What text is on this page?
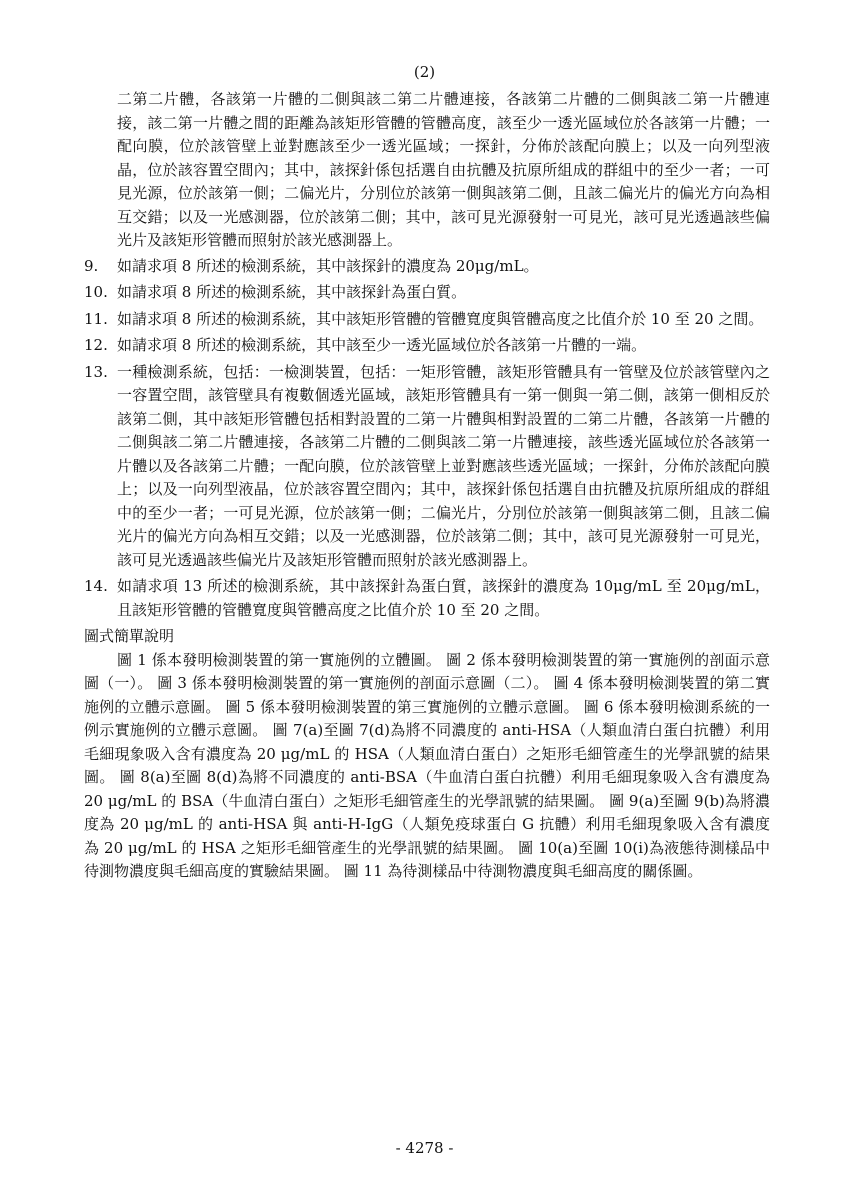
(2)

二第二片體，各該第一片體的二側與該二第二片體連接，各該第二片體的二側與該二第一片體連接，該二第一片體之間的距離為該矩形管體的管體高度，該至少一透光區域位於各該第一片體；一配向膜，位於該管壁上並對應該至少一透光區域；一探針，分佈於該配向膜上；以及一向列型液晶，位於該容置空間內；其中，該探針係包括選自由抗體及抗原所組成的群組中的至少一者；一可見光源，位於該第一側；二偏光片，分別位於該第一側與該第二側，且該二偏光片的偏光方向為相互交錯；以及一光感測器，位於該第二側；其中，該可見光源發射一可見光，該可見光透過該些偏光片及該矩形管體而照射於該光感測器上。

9.	如請求項 8 所述的檢測系統，其中該探針的濃度為 20μg/mL。
10. 如請求項 8 所述的檢測系統，其中該探針為蛋白質。
11. 如請求項 8 所述的檢測系統，其中該矩形管體的管體寬度與管體高度之比值介於 10 至 20 之間。
12. 如請求項 8 所述的檢測系統，其中該至少一透光區域位於各該第一片體的一端。
13. 一種檢測系統，包括：一檢測裝置，包括：一矩形管體，該矩形管體具有一管壁及位於該管壁內之一容置空間，該管壁具有複數個透光區域，該矩形管體具有一第一側與一第二側，該第一側相反於該第二側，其中該矩形管體包括相對設置的二第一片體與相對設置的二第二片體，各該第一片體的二側與該二第二片體連接，各該第二片體的二側與該二第一片體連接，該些透光區域位於各該第一片體以及各該第二片體；一配向膜，位於該管壁上並對應該些透光區域；一探針，分佈於該配向膜上；以及一向列型液晶，位於該容置空間內；其中，該探針係包括選自由抗體及抗原所組成的群組中的至少一者；一可見光源，位於該第一側；二偏光片，分別位於該第一側與該第二側，且該二偏光片的偏光方向為相互交錯；以及一光感測器，位於該第二側；其中，該可見光源發射一可見光，該可見光透過該些偏光片及該矩形管體而照射於該光感測器上。
14. 如請求項 13 所述的檢測系統，其中該探針為蛋白質，該探針的濃度為 10μg/mL 至 20μg/mL，且該矩形管體的管體寬度與管體高度之比值介於 10 至 20 之間。

圖式簡單說明

圖 1 係本發明檢測裝置的第一實施例的立體圖。 圖 2 係本發明檢測裝置的第一實施例的剖面示意圖（一）。 圖 3 係本發明檢測裝置的第一實施例的剖面示意圖（二）。 圖 4 係本發明檢測裝置的第二實施例的立體示意圖。 圖 5 係本發明檢測裝置的第三實施例的立體示意圖。 圖 6 係本發明檢測系統的一例示實施例的立體示意圖。 圖 7(a)至圖 7(d)為將不同濃度的 anti-HSA（人類血清白蛋白抗體）利用毛細現象吸入含有濃度為 20 μg/mL 的 HSA（人類血清白蛋白）之矩形毛細管產生的光學訊號的結果圖。 圖 8(a)至圖 8(d)為將不同濃度的 anti-BSA（牛血清白蛋白抗體）利用毛細現象吸入含有濃度為 20 μg/mL 的 BSA（牛血清白蛋白）之矩形毛細管產生的光學訊號的結果圖。 圖 9(a)至圖 9(b)為將濃度為 20 μg/mL 的 anti-HSA 與 anti-H-IgG（人類免疫球蛋白 G 抗體）利用毛細現象吸入含有濃度為 20 μg/mL 的 HSA 之矩形毛細管產生的光學訊號的結果圖。 圖 10(a)至圖 10(i)為液態待測樣品中待測物濃度與毛細高度的實驗結果圖。 圖 11 為待測樣品中待測物濃度與毛細高度的關係圖。

- 4278 -
